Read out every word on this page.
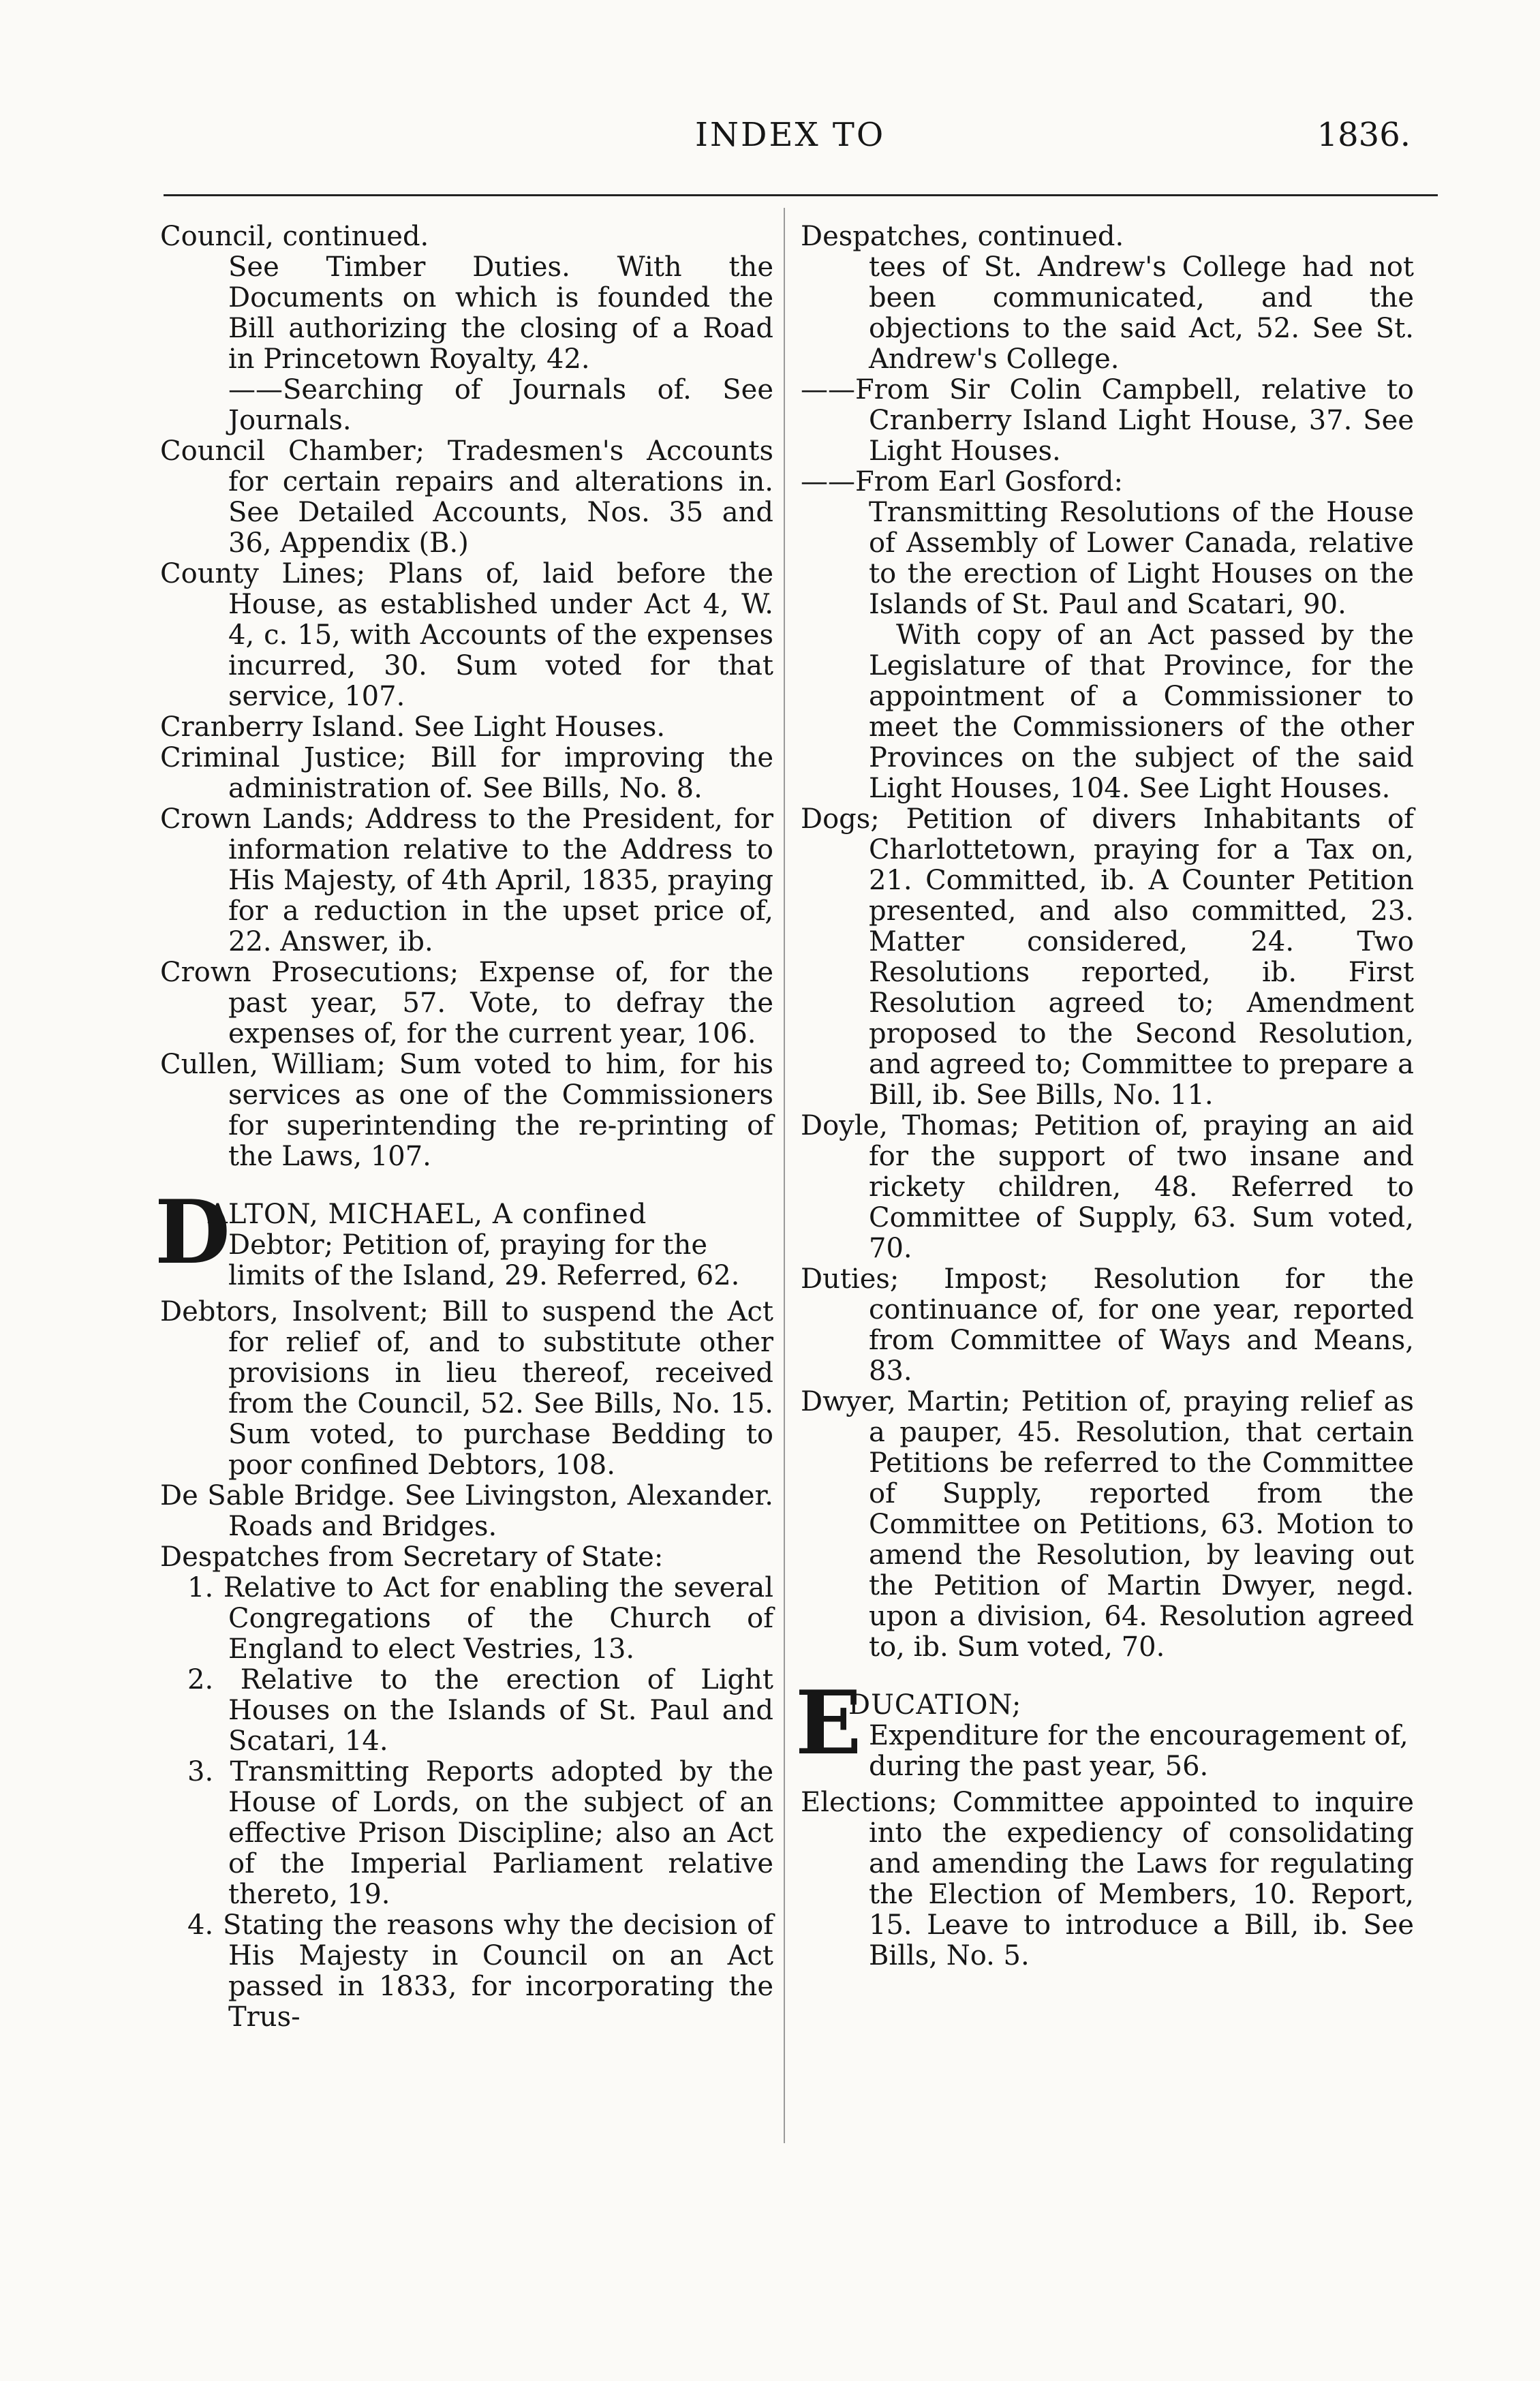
INDEX TO	1836.

Council, continued.

See Timber Duties. With the Documents on which is founded the Bill authorizing the closing of a Road in Princetown Royalty, 42.

——Searching of Journals of. See Journals.

Council Chamber; Tradesmen's Accounts for certain repairs and alterations in. See Detailed Accounts, Nos. 35 and 36, Appendix (B.)

County Lines; Plans of, laid before the House, as established under Act 4, W. 4, c. 15, with Accounts of the expenses incurred, 30. Sum voted for that service, 107.

Cranberry Island. See Light Houses.

Criminal Justice; Bill for improving the administration of. See Bills, No. 8.

Crown Lands; Address to the President, for information relative to the Address to His Majesty, of 4th April, 1835, praying for a reduction in the upset price of, 22. Answer, ib.

Crown Prosecutions; Expense of, for the past year, 57. Vote, to defray the expenses of, for the current year, 106.

Cullen, William; Sum voted to him, for his services as one of the Commissioners for superintending the re-printing of the Laws, 107.

D
ALTON, MICHAEL, A confined
Debtor; Petition of, praying for the limits of the Island, 29. Referred, 62.

Debtors, Insolvent; Bill to suspend the Act for relief of, and to substitute other provisions in lieu thereof, received from the Council, 52. See Bills, No. 15. Sum voted, to purchase Bedding to poor confined Debtors, 108.

De Sable Bridge. See Livingston, Alexander. Roads and Bridges.

Despatches from Secretary of State:

1. Relative to Act for enabling the several Congregations of the Church of England to elect Vestries, 13.

2. Relative to the erection of Light Houses on the Islands of St. Paul and Scatari, 14.

3. Transmitting Reports adopted by the House of Lords, on the subject of an effective Prison Discipline; also an Act of the Imperial Parliament relative thereto, 19.

4. Stating the reasons why the decision of His Majesty in Council on an Act passed in 1833, for incorporating the Trus-

Despatches, continued.

tees of St. Andrew's College had not been communicated, and the objections to the said Act, 52. See St. Andrew's College.

——From Sir Colin Campbell, relative to Cranberry Island Light House, 37. See Light Houses.

——From Earl Gosford:

Transmitting Resolutions of the House of Assembly of Lower Canada, relative to the erection of Light Houses on the Islands of St. Paul and Scatari, 90.

With copy of an Act passed by the Legislature of that Province, for the appointment of a Commissioner to meet the Commissioners of the other Provinces on the subject of the said Light Houses, 104. See Light Houses.

Dogs; Petition of divers Inhabitants of Charlottetown, praying for a Tax on, 21. Committed, ib. A Counter Petition presented, and also committed, 23. Matter considered, 24. Two Resolutions reported, ib. First Resolution agreed to; Amendment proposed to the Second Resolution, and agreed to; Committee to prepare a Bill, ib. See Bills, No. 11.

Doyle, Thomas; Petition of, praying an aid for the support of two insane and rickety children, 48. Referred to Committee of Supply, 63. Sum voted, 70.

Duties; Impost; Resolution for the continuance of, for one year, reported from Committee of Ways and Means, 83.

Dwyer, Martin; Petition of, praying relief as a pauper, 45. Resolution, that certain Petitions be referred to the Committee of Supply, reported from the Committee on Petitions, 63. Motion to amend the Resolution, by leaving out the Petition of Martin Dwyer, negd. upon a division, 64. Resolution agreed to, ib. Sum voted, 70.

E
DUCATION;
Expenditure for the encouragement of, during the past year, 56.

Elections; Committee appointed to inquire into the expediency of consolidating and amending the Laws for regulating the Election of Members, 10. Report, 15. Leave to introduce a Bill, ib. See Bills, No. 5.
